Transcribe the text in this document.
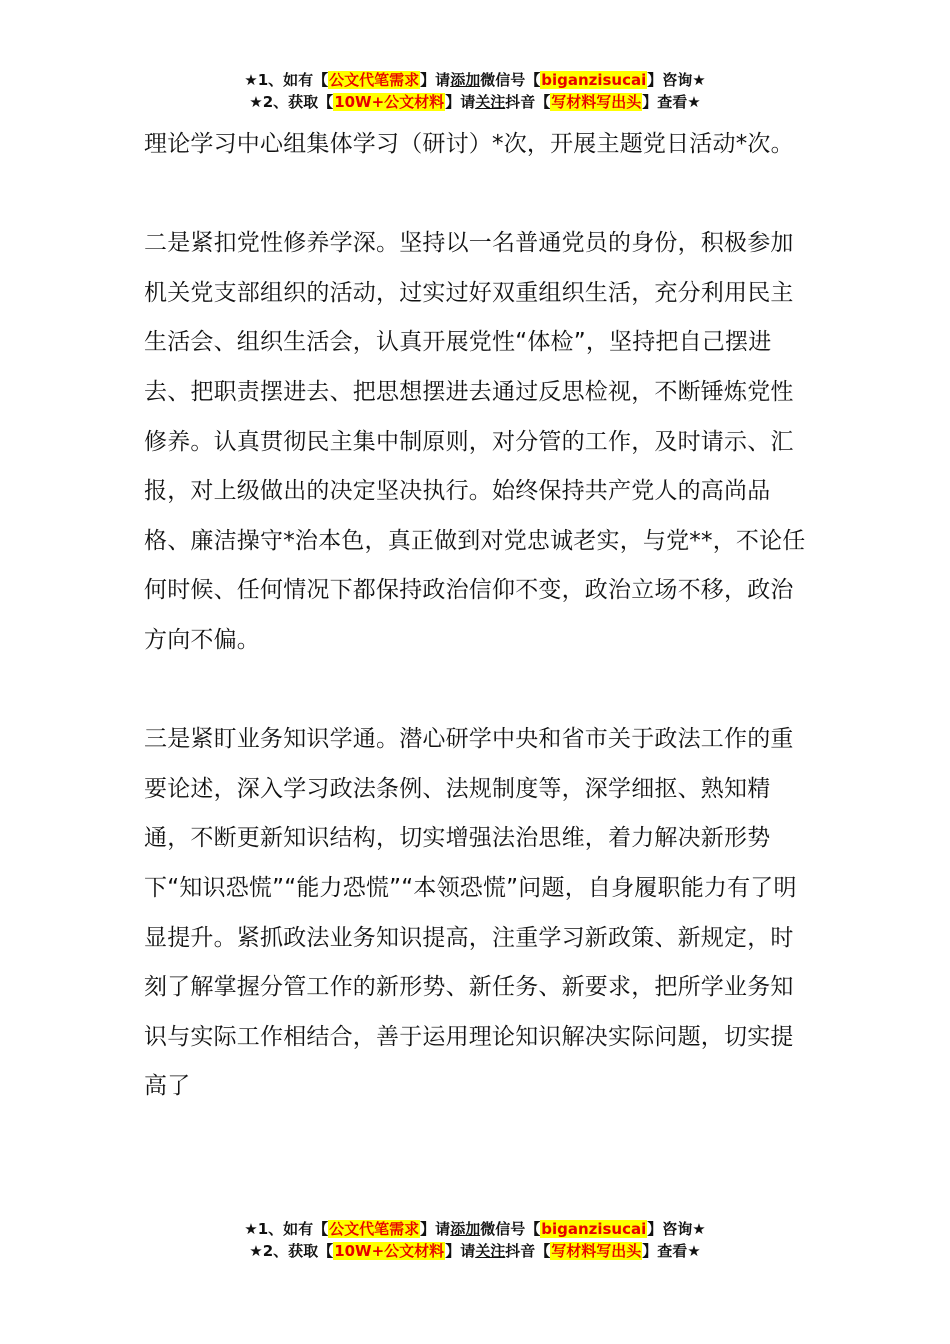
★1、如有【公文代笔需求】请添加微信号【biganzisucai】咨询★
★2、获取【10W+公文材料】请关注抖音【写材料写出头】查看★

理论学习中心组集体学习（研讨）*次，开展主题党日活动*次。

二是紧扣党性修养学深。坚持以一名普通党员的身份，积极参加机关党支部组织的活动，过实过好双重组织生活，充分利用民主生活会、组织生活会，认真开展党性“体检”，坚持把自己摆进去、把职责摆进去、把思想摆进去通过反思检视，不断锤炼党性修养。认真贯彻民主集中制原则，对分管的工作，及时请示、汇报，对上级做出的决定坚决执行。始终保持共产党人的高尚品格、廉洁操守*治本色，真正做到对党忠诚老实，与党**，不论任何时候、任何情况下都保持政治信仰不变，政治立场不移，政治方向不偏。

三是紧盯业务知识学通。潜心研学中央和省市关于政法工作的重要论述，深入学习政法条例、法规制度等，深学细抠、熟知精通，不断更新知识结构，切实增强法治思维，着力解决新形势下“知识恐慌”“能力恐慌”“本领恐慌”问题，自身履职能力有了明显提升。紧抓政法业务知识提高，注重学习新政策、新规定，时刻了解掌握分管工作的新形势、新任务、新要求，把所学业务知识与实际工作相结合，善于运用理论知识解决实际问题，切实提高了

★1、如有【公文代笔需求】请添加微信号【biganzisucai】咨询★
★2、获取【10W+公文材料】请关注抖音【写材料写出头】查看★
